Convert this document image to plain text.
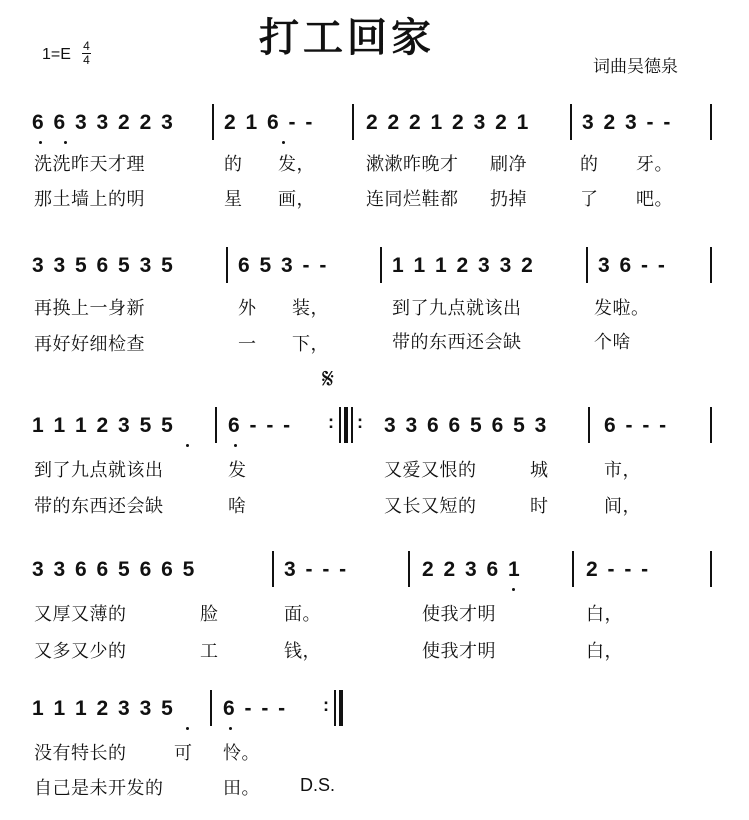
打工回家
1=E 4
4	词曲吴德泉
6 6 3 3 2 2 3 2 1 6 - - 2 2 2 1 2 3 2 1 3 2 3 - -
洗洗昨天才理	的 发，	漱漱昨晚才 刷净	的 牙。
那土墙上的明	星 画，	连同烂鞋都 扔掉	了 吧。
3 3 5 6 5 3 5	6 5 3 - -	1 1 1 2 3 3 2	3 6 - -
再换上一身新	外 装，	到了九点就该出	发啦。
再好好细检查	一 下，	带的东西还会缺	个啥
𝄋
1 1 1 2 3 5 5	6 - - - : : 3 3 6 6 5 6 5 3	6 - - -
到了九点就该出	发	又爱又恨的	城	市，
带的东西还会缺	啥	又长又短的	时	间，
3 3 6 6 5 6 6 5	3 - - -	2 2 3 6 1	2 - - -
又厚又薄的	脸	面。	使我才明	白，
又多又少的	工	钱，	使我才明	白，
1 1 1 2 3 3 5 6 - - - :
没有特长的	可 怜。
自己是未开发的	田。 D.S.
